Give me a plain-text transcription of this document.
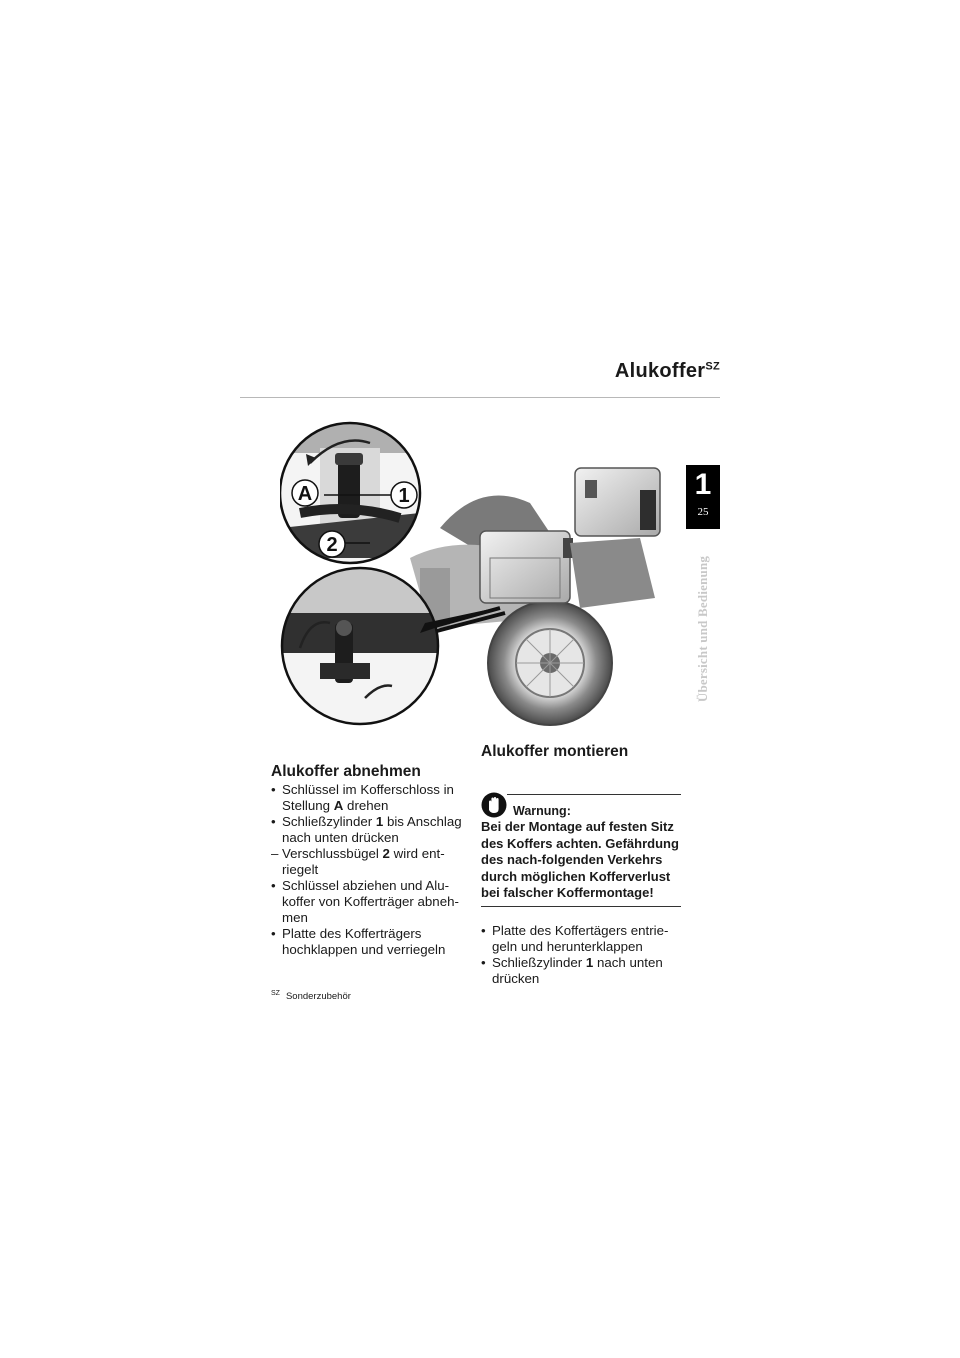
Alukoffer$^{SZ}$
1
25
Übersicht und Bedienung
A	1
2
Alukoffer abnehmen
• Schlüssel im Kofferschloss in Stellung A drehen
• Schließzylinder 1 bis Anschlag nach unten drücken
– Verschlussbügel 2 wird ent-riegelt
• Schlüssel abziehen und Alu-koffer von Kofferträger abneh-men
• Platte des Kofferträgers hochklappen und verriegeln
$^{SZ}$ Sonderzubehör
Alukoffer montieren
Warnung:
Bei der Montage auf festen Sitz des Koffers achten. Gefährdung des nach-folgenden Verkehrs durch möglichen Kofferverlust bei falscher Koffermontage!
• Platte des Koffertägers entrie-geln und herunterklappen
• Schließzylinder 1 nach unten drücken
